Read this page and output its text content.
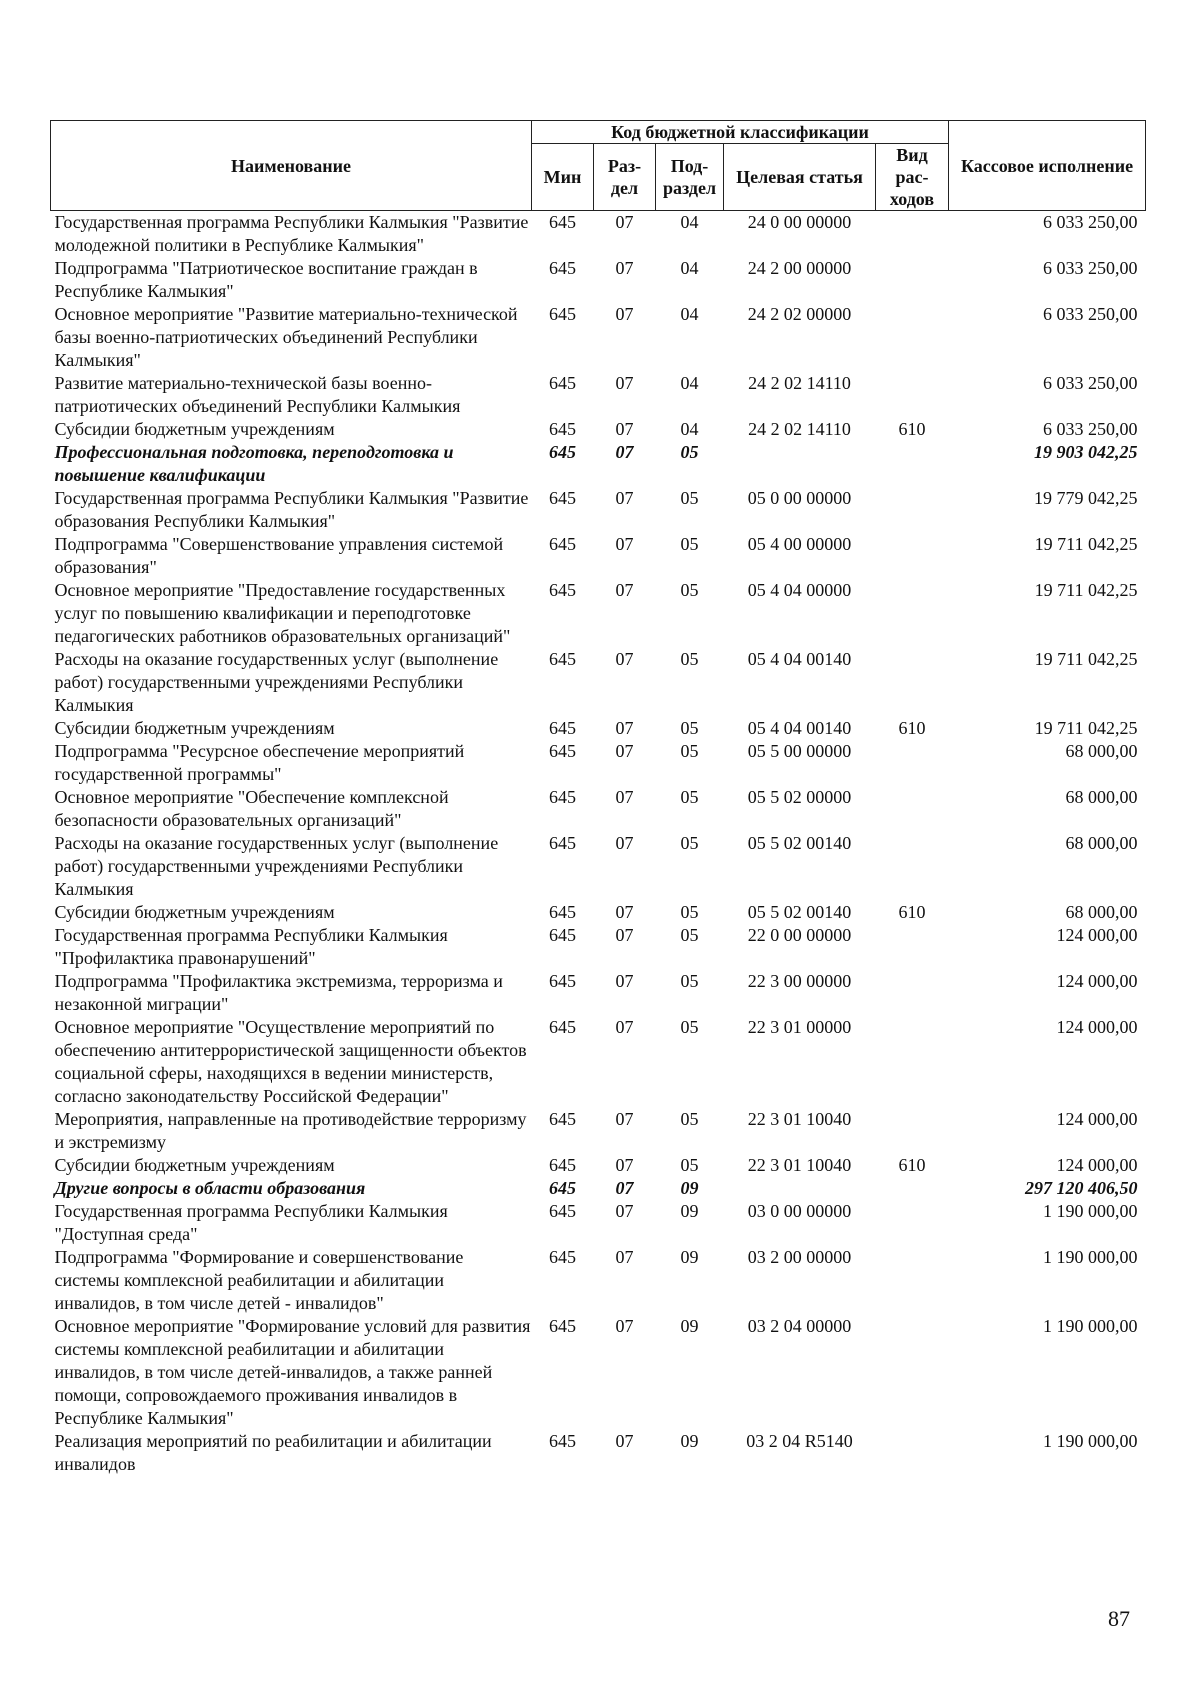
Наименование	Код бюджетной классификации					Кассовое исполнение
	Мин	Раз- дел	Под- раздел	Целевая статья	Вид рас- ходов	
Государственная программа Республики Калмыкия "Развитие молодежной политики в Республике Калмыкия"	645	07	04	24 0 00 00000		6 033 250,00
Подпрограмма "Патриотическое воспитание граждан в Республике Калмыкия"	645	07	04	24 2 00 00000		6 033 250,00
Основное мероприятие "Развитие материально-технической базы военно-патриотических объединений Республики Калмыкия"	645	07	04	24 2 02 00000		6 033 250,00
Развитие материально-технической базы военно-патриотических объединений Республики Калмыкия	645	07	04	24 2 02 14110		6 033 250,00
Субсидии бюджетным учреждениям	645	07	04	24 2 02 14110	610	6 033 250,00
Профессиональная подготовка, переподготовка и повышение квалификации	645	07	05			19 903 042,25
Государственная программа Республики Калмыкия "Развитие образования Республики Калмыкия"	645	07	05	05 0 00 00000		19 779 042,25
Подпрограмма "Совершенствование управления системой образования"	645	07	05	05 4 00 00000		19 711 042,25
Основное мероприятие "Предоставление государственных услуг по повышению квалификации и переподготовке педагогических работников образовательных организаций"	645	07	05	05 4 04 00000		19 711 042,25
Расходы на оказание государственных услуг (выполнение работ) государственными учреждениями Республики Калмыкия	645	07	05	05 4 04 00140		19 711 042,25
Субсидии бюджетным учреждениям	645	07	05	05 4 04 00140	610	19 711 042,25
Подпрограмма "Ресурсное обеспечение мероприятий государственной программы"	645	07	05	05 5 00 00000		68 000,00
Основное мероприятие "Обеспечение комплексной безопасности образовательных организаций"	645	07	05	05 5 02 00000		68 000,00
Расходы на оказание государственных услуг (выполнение работ) государственными учреждениями Республики Калмыкия	645	07	05	05 5 02 00140		68 000,00
Субсидии бюджетным учреждениям	645	07	05	05 5 02 00140	610	68 000,00
Государственная программа Республики Калмыкия "Профилактика правонарушений"	645	07	05	22 0 00 00000		124 000,00
Подпрограмма "Профилактика экстремизма, терроризма и незаконной миграции"	645	07	05	22 3 00 00000		124 000,00
Основное мероприятие "Осуществление мероприятий по обеспечению антитеррористической защищенности объектов социальной сферы, находящихся в ведении министерств, согласно законодательству Российской Федерации"	645	07	05	22 3 01 00000		124 000,00
Мероприятия, направленные на противодействие терроризму и экстремизму	645	07	05	22 3 01 10040		124 000,00
Субсидии бюджетным учреждениям	645	07	05	22 3 01 10040	610	124 000,00
Другие вопросы в области образования	645	07	09			297 120 406,50
Государственная программа Республики Калмыкия "Доступная среда"	645	07	09	03 0 00 00000		1 190 000,00
Подпрограмма "Формирование и совершенствование системы комплексной реабилитации и абилитации инвалидов, в том числе детей - инвалидов"	645	07	09	03 2 00 00000		1 190 000,00
Основное мероприятие "Формирование условий для развития системы комплексной реабилитации и абилитации инвалидов, в том числе детей-инвалидов, а также ранней помощи, сопровождаемого проживания инвалидов в Республике Калмыкия"	645	07	09	03 2 04 00000		1 190 000,00
Реализация мероприятий по реабилитации и абилитации инвалидов	645	07	09	03 2 04 R5140		1 190 000,00
87
